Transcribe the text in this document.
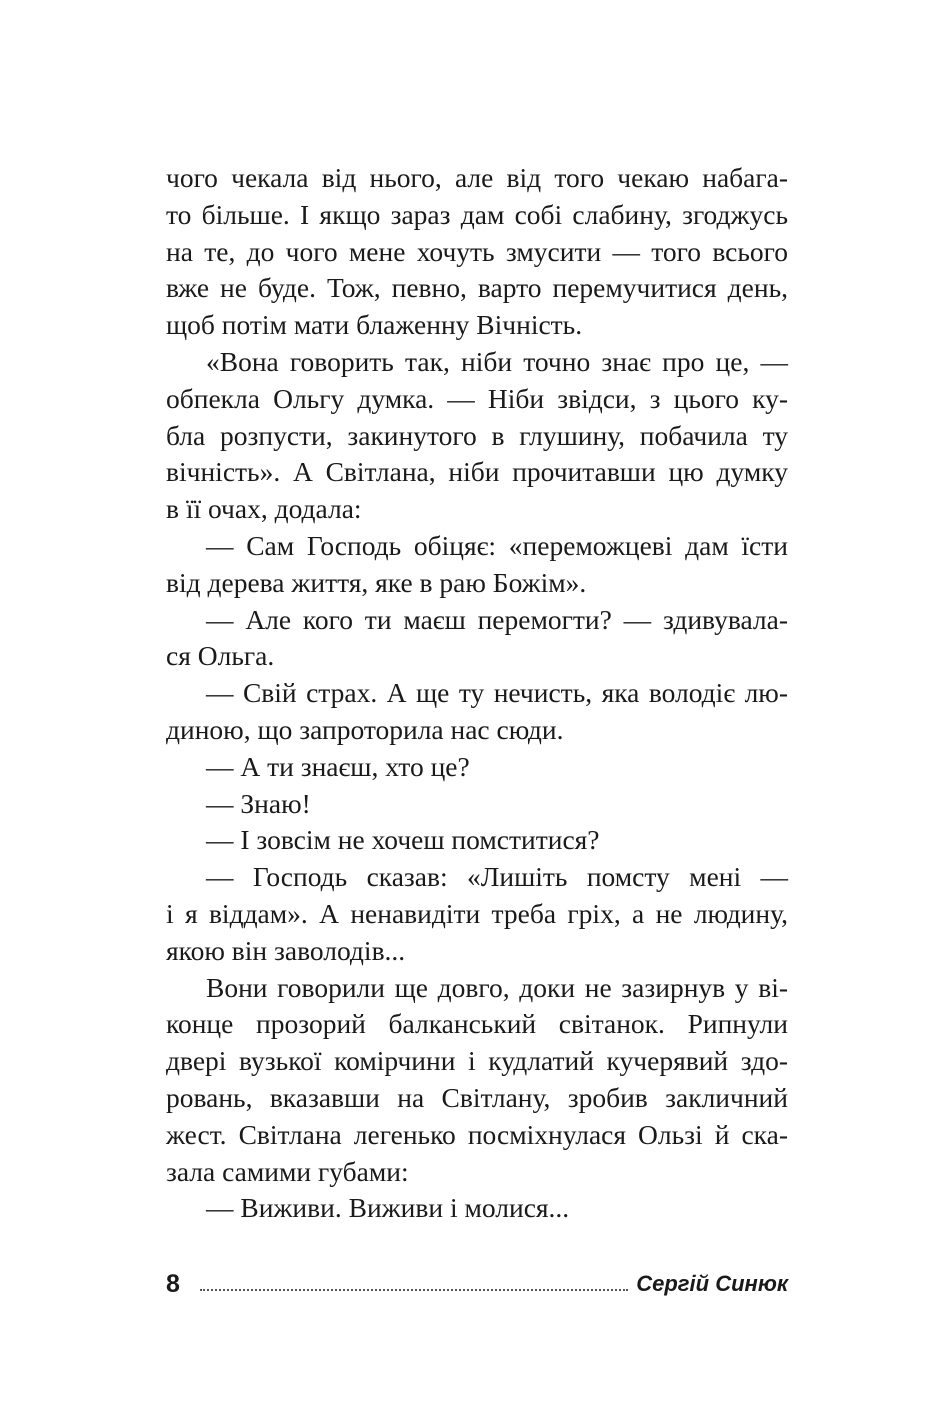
чого чекала від нього, але від того чекаю набага-
то більше. І якщо зараз дам собі слабину, згоджусь
на те, до чого мене хочуть змусити — того всього
вже не буде. Тож, певно, варто перемучитися день,
щоб потім мати блаженну Вічність.
«Вона говорить так, ніби точно знає про це, —
обпекла Ольгу думка. — Ніби звідси, з цього ку-
бла розпусти, закинутого в глушину, побачила ту
вічність». А Світлана, ніби прочитавши цю думку
в її очах, додала:
— Сам Господь обіцяє: «переможцеві дам їсти
від дерева життя, яке в раю Божім».
— Але кого ти маєш перемогти? — здивувала-
ся Ольга.
— Свій страх. А ще ту нечисть, яка володіє лю-
диною, що запроторила нас сюди.
— А ти знаєш, хто це?
— Знаю!
— І зовсім не хочеш помститися?
— Господь сказав: «Лишіть помсту мені —
і я віддам». А ненавидіти треба гріх, а не людину,
якою він заволодів...
Вони говорили ще довго, доки не зазирнув у ві-
конце прозорий балканський світанок. Рипнули
двері вузької комірчини і кудлатий кучерявий здо-
ровань, вказавши на Світлану, зробив закличний
жест. Світлана легенько посміхнулася Ользі й ска-
зала самими губами:
— Виживи. Виживи і молися...
8	Сергій Синюк
